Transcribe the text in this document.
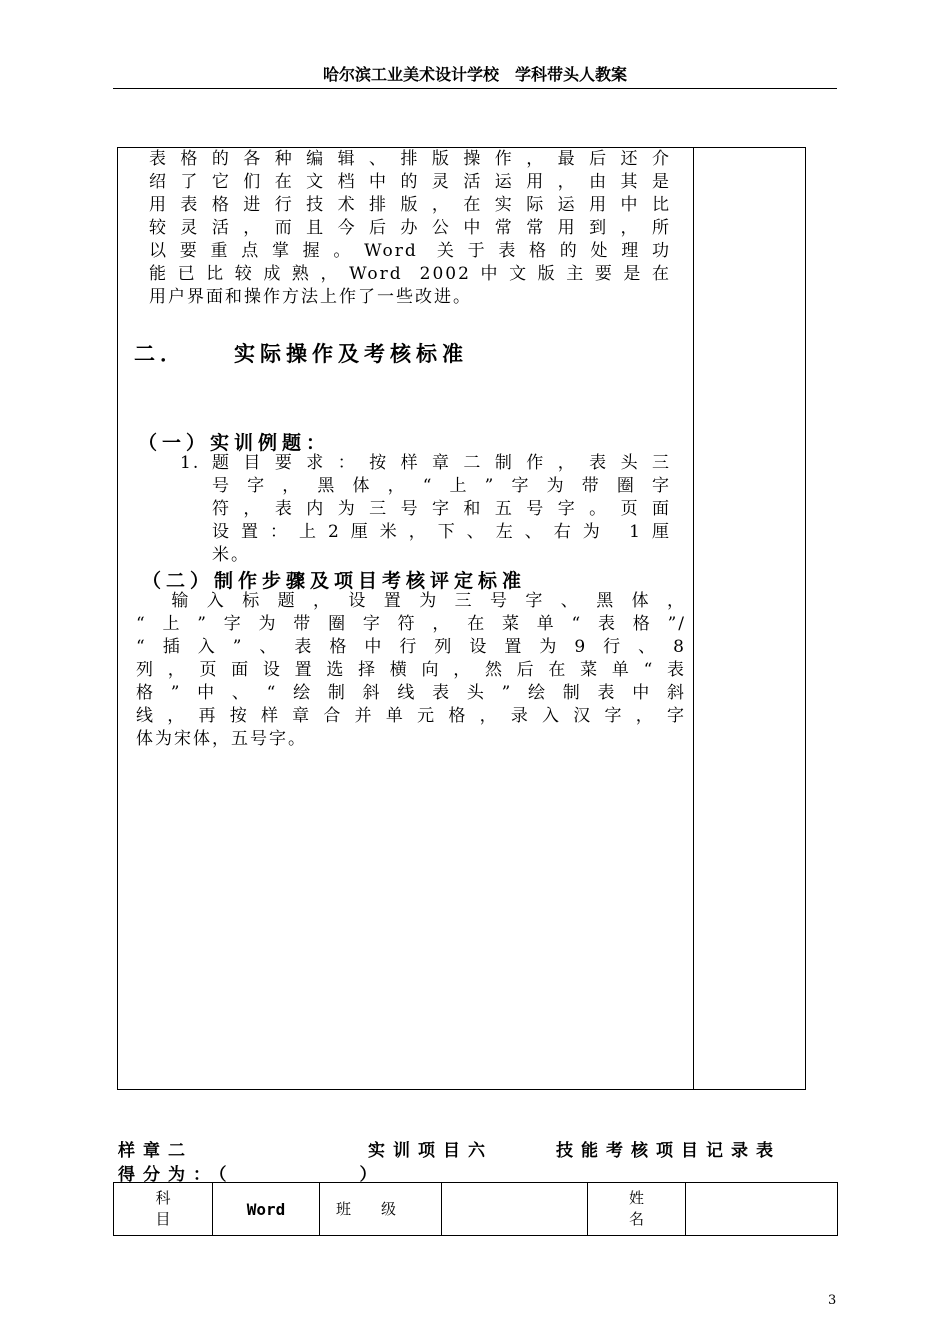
哈尔滨工业美术设计学校　学科带头人教案
表格的各种编辑、排版操作，最后还介
绍了它们在文档中的灵活运用，由其是
用表格进行技术排版，在实际运用中比
较灵活，而且今后办公中常常用到，所
以要重点掌握。Word 关于表格的处理功
能已比较成熟，Word 2002中文版主要是在
用户界面和操作方法上作了一些改进。
二． 实际操作及考核标准
（一）实训例题：
1. 题目要求：按样章二制作，表头三
号字，黑体，“上”字为带圈字
符，表内为三号字和五号字。页面
设置：上2厘米，下、左、右为 1厘
米。
（二）制作步骤及项目考核评定标准
　输入标题，设置为三号字、黑体，
“上”字为带圈字符，在菜单“表格”/
“插入”、表格中行列设置为9行、8
列，页面设置选择横向，然后在菜单“表
格”中、“绘制斜线表头”绘制表中斜
线，再按样章合并单元格，录入汉字，字
体为宋体，五号字。
样章二	实训项目六	技能考核项目记录表
得分为：（　　　　　）
科目	Word	班　　级		姓名	
3
